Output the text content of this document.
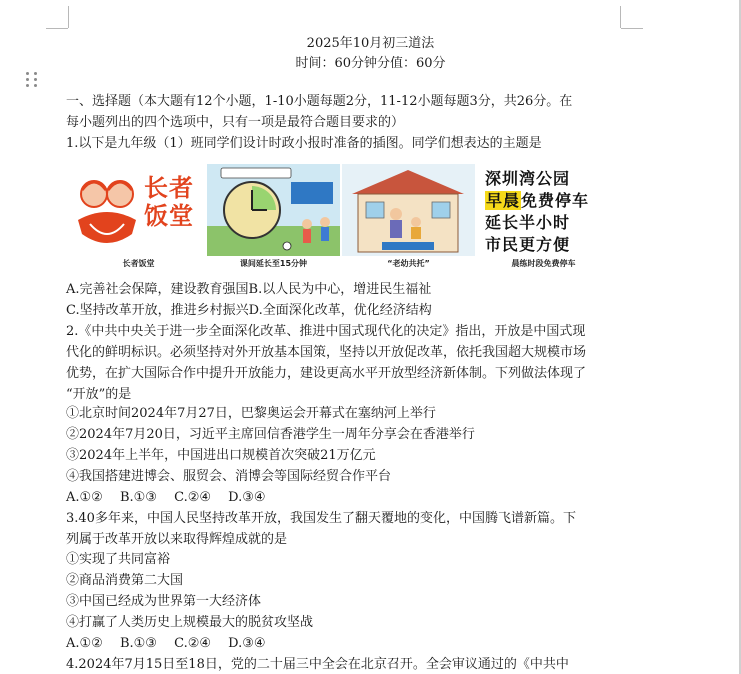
2025年10月初三道法
时间：60分钟分值：60分
一、选择题（本大题有12个小题，1-10小题每题2分，11-12小题每题3分，共26分。在
每小题列出的四个选项中，只有一项是最符合题目要求的）
1.以下是九年级（1）班同学们设计时政小报时准备的插图。同学们想表达的主题是
长者
饭堂
长者饭堂	课间延长至15分钟	“老幼共托”
深圳湾公园
早晨免费停车
延长半小时
市民更方便
晨练时段免费停车
A.完善社会保障，建设教育强国B.以人民为中心，增进民生福祉
C.坚持改革开放，推进乡村振兴D.全面深化改革，优化经济结构
2.《中共中央关于进一步全面深化改革、推进中国式现代化的决定》指出，开放是中国式现
代化的鲜明标识。必须坚持对外开放基本国策，坚持以开放促改革，依托我国超大规模市场
优势，在扩大国际合作中提升开放能力，建设更高水平开放型经济新体制。下列做法体现了
“开放”的是
①北京时间2024年7月27日，巴黎奥运会开幕式在塞纳河上举行
②2024年7月20日，习近平主席回信香港学生一周年分享会在香港举行
③2024年上半年，中国进出口规模首次突破21万亿元
④我国搭建进博会、服贸会、消博会等国际经贸合作平台
A.①②　 B.①③　 C.②④　 D.③④
3.40多年来，中国人民坚持改革开放，我国发生了翻天覆地的变化，中国腾飞谱新篇。下
列属于改革开放以来取得辉煌成就的是
①实现了共同富裕
②商品消费第二大国
③中国已经成为世界第一大经济体
④打赢了人类历史上规模最大的脱贫攻坚战
A.①②　 B.①③　 C.②④　 D.③④
4.2024年7月15日至18日，党的二十届三中全会在北京召开。全会审议通过的《中共中
